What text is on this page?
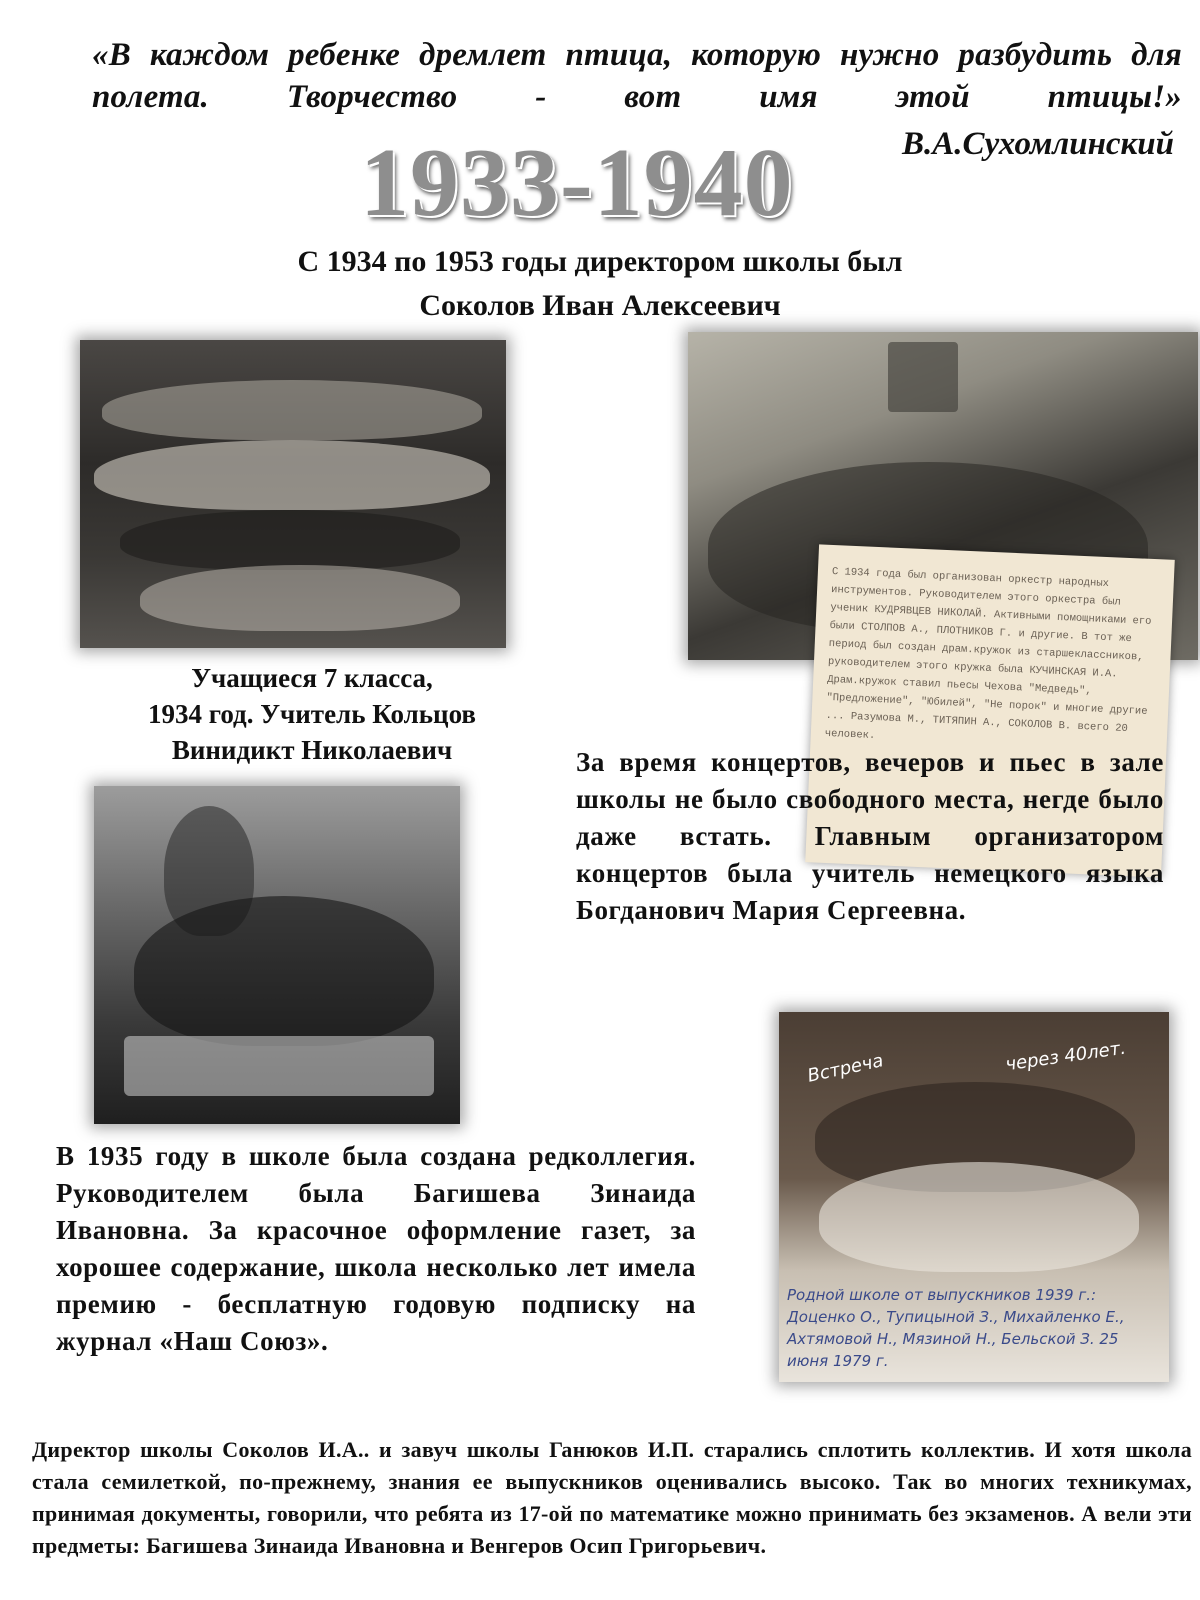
«В каждом ребенке дремлет птица, которую нужно разбудить для полета. Творчество - вот имя этой птицы!»
В.А.Сухомлинский
1933-1940
С 1934 по 1953 годы директором школы был
Соколов Иван Алексеевич
С 1934 года был организован оркестр народных инструментов. Руководителем этого оркестра был ученик КУДРЯВЦЕВ НИКОЛАЙ. Активными помощниками его были СТОЛПОВ А., ПЛОТНИКОВ Г. и другие. В тот же период был создан драм.кружок из старшеклассников, руководителем этого кружка была КУЧИНСКАЯ И.А. Драм.кружок ставил пьесы Чехова "Медведь", "Предложение", "Юбилей", "Не порок" и многие другие ... Разумова М., ТИТЯПИН А., СОКОЛОВ В. всего 20 человек.
Учащиеся 7 класса,
1934 год. Учитель Кольцов
Винидикт Николаевич	За время концертов, вечеров и пьес в зале школы не было свободного места, негде было даже встать. Главным организатором концертов была учитель немецкого языка Богданович Мария Сергеевна.
В 1935 году в школе была создана редколлегия. Руководителем была Багишева Зинаида Ивановна. За красочное оформление газет, за хорошее содержание, школа несколько лет имела премию - бесплатную годовую подписку на журнал «Наш Союз».
Встреча	через 40лет.
Родной школе от выпускников 1939 г.: Доценко О., Тупицыной З., Михайленко Е., Ахтямовой Н., Мязиной Н., Бельской З. 25 июня 1979 г.
Директор школы Соколов И.А.. и завуч школы Ганюков И.П. старались сплотить коллектив. И хотя школа стала семилеткой, по-прежнему, знания ее выпускников оценивались высоко. Так во многих техникумах, принимая документы, говорили, что ребята из 17-ой по математике можно принимать без экзаменов. А вели эти предметы: Багишева Зинаида Ивановна и Венгеров Осип Григорьевич.
